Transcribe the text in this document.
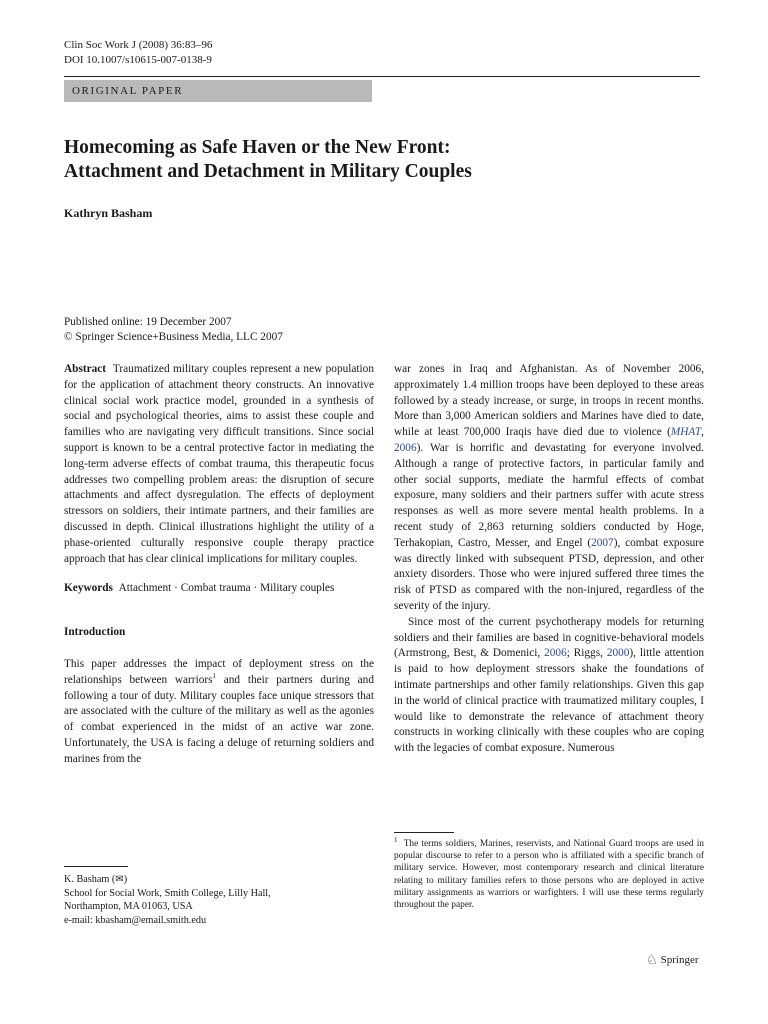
Clin Soc Work J (2008) 36:83–96
DOI 10.1007/s10615-007-0138-9
ORIGINAL PAPER
Homecoming as Safe Haven or the New Front:
Attachment and Detachment in Military Couples
Kathryn Basham
Published online: 19 December 2007
© Springer Science+Business Media, LLC 2007

Abstract Traumatized military couples represent a new population for the application of attachment theory constructs. An innovative clinical social work practice model, grounded in a synthesis of social and psychological theories, aims to assist these couple and families who are navigating very difficult transitions. Since social support is known to be a central protective factor in mediating the long-term adverse effects of combat trauma, this therapeutic focus addresses two compelling problem areas: the disruption of secure attachments and affect dysregulation. The effects of deployment stressors on soldiers, their intimate partners, and their families are discussed in depth. Clinical illustrations highlight the utility of a phase-oriented culturally responsive couple therapy practice approach that has clear clinical implications for military couples.

Keywords Attachment · Combat trauma · Military couples

Introduction

This paper addresses the impact of deployment stress on the relationships between warriors$^1$ and their partners during and following a tour of duty. Military couples face unique stressors that are associated with the culture of the military as well as the agonies of combat experienced in the midst of an active war zone. Unfortunately, the USA is facing a deluge of returning soldiers and marines from the

war zones in Iraq and Afghanistan. As of November 2006, approximately 1.4 million troops have been deployed to these areas followed by a steady increase, or surge, in troops in recent months. More than 3,000 American soldiers and Marines have died to date, while at least 700,000 Iraqis have died due to violence (MHAT, 2006). War is horrific and devastating for everyone involved. Although a range of protective factors, in particular family and other social supports, mediate the harmful effects of combat exposure, many soldiers and their partners suffer with acute stress responses as well as more severe mental health problems. In a recent study of 2,863 returning soldiers conducted by Hoge, Terhakopian, Castro, Messer, and Engel (2007), combat exposure was directly linked with subsequent PTSD, depression, and other anxiety disorders. Those who were injured suffered three times the risk of PTSD as compared with the non-injured, regardless of the severity of the injury.

Since most of the current psychotherapy models for returning soldiers and their families are based in cognitive-behavioral models (Armstrong, Best, & Domenici, 2006; Riggs, 2000), little attention is paid to how deployment stressors shake the foundations of intimate partnerships and other family relationships. Given this gap in the world of clinical practice with traumatized military couples, I would like to demonstrate the relevance of attachment theory constructs in working clinically with these couples who are coping with the legacies of combat exposure. Numerous

$^1$ The terms soldiers, Marines, reservists, and National Guard troops are used in popular discourse to refer to a person who is affiliated with a specific branch of military service. However, most contemporary research and clinical literature relating to military families refers to those persons who are deployed in active military assignments as warriors or warfighters. I will use these terms regularly throughout the paper.
K. Basham (✉)
School for Social Work, Smith College, Lilly Hall,
Northampton, MA 01063, USA
e-mail: kbasham@email.smith.edu
♘ Springer
